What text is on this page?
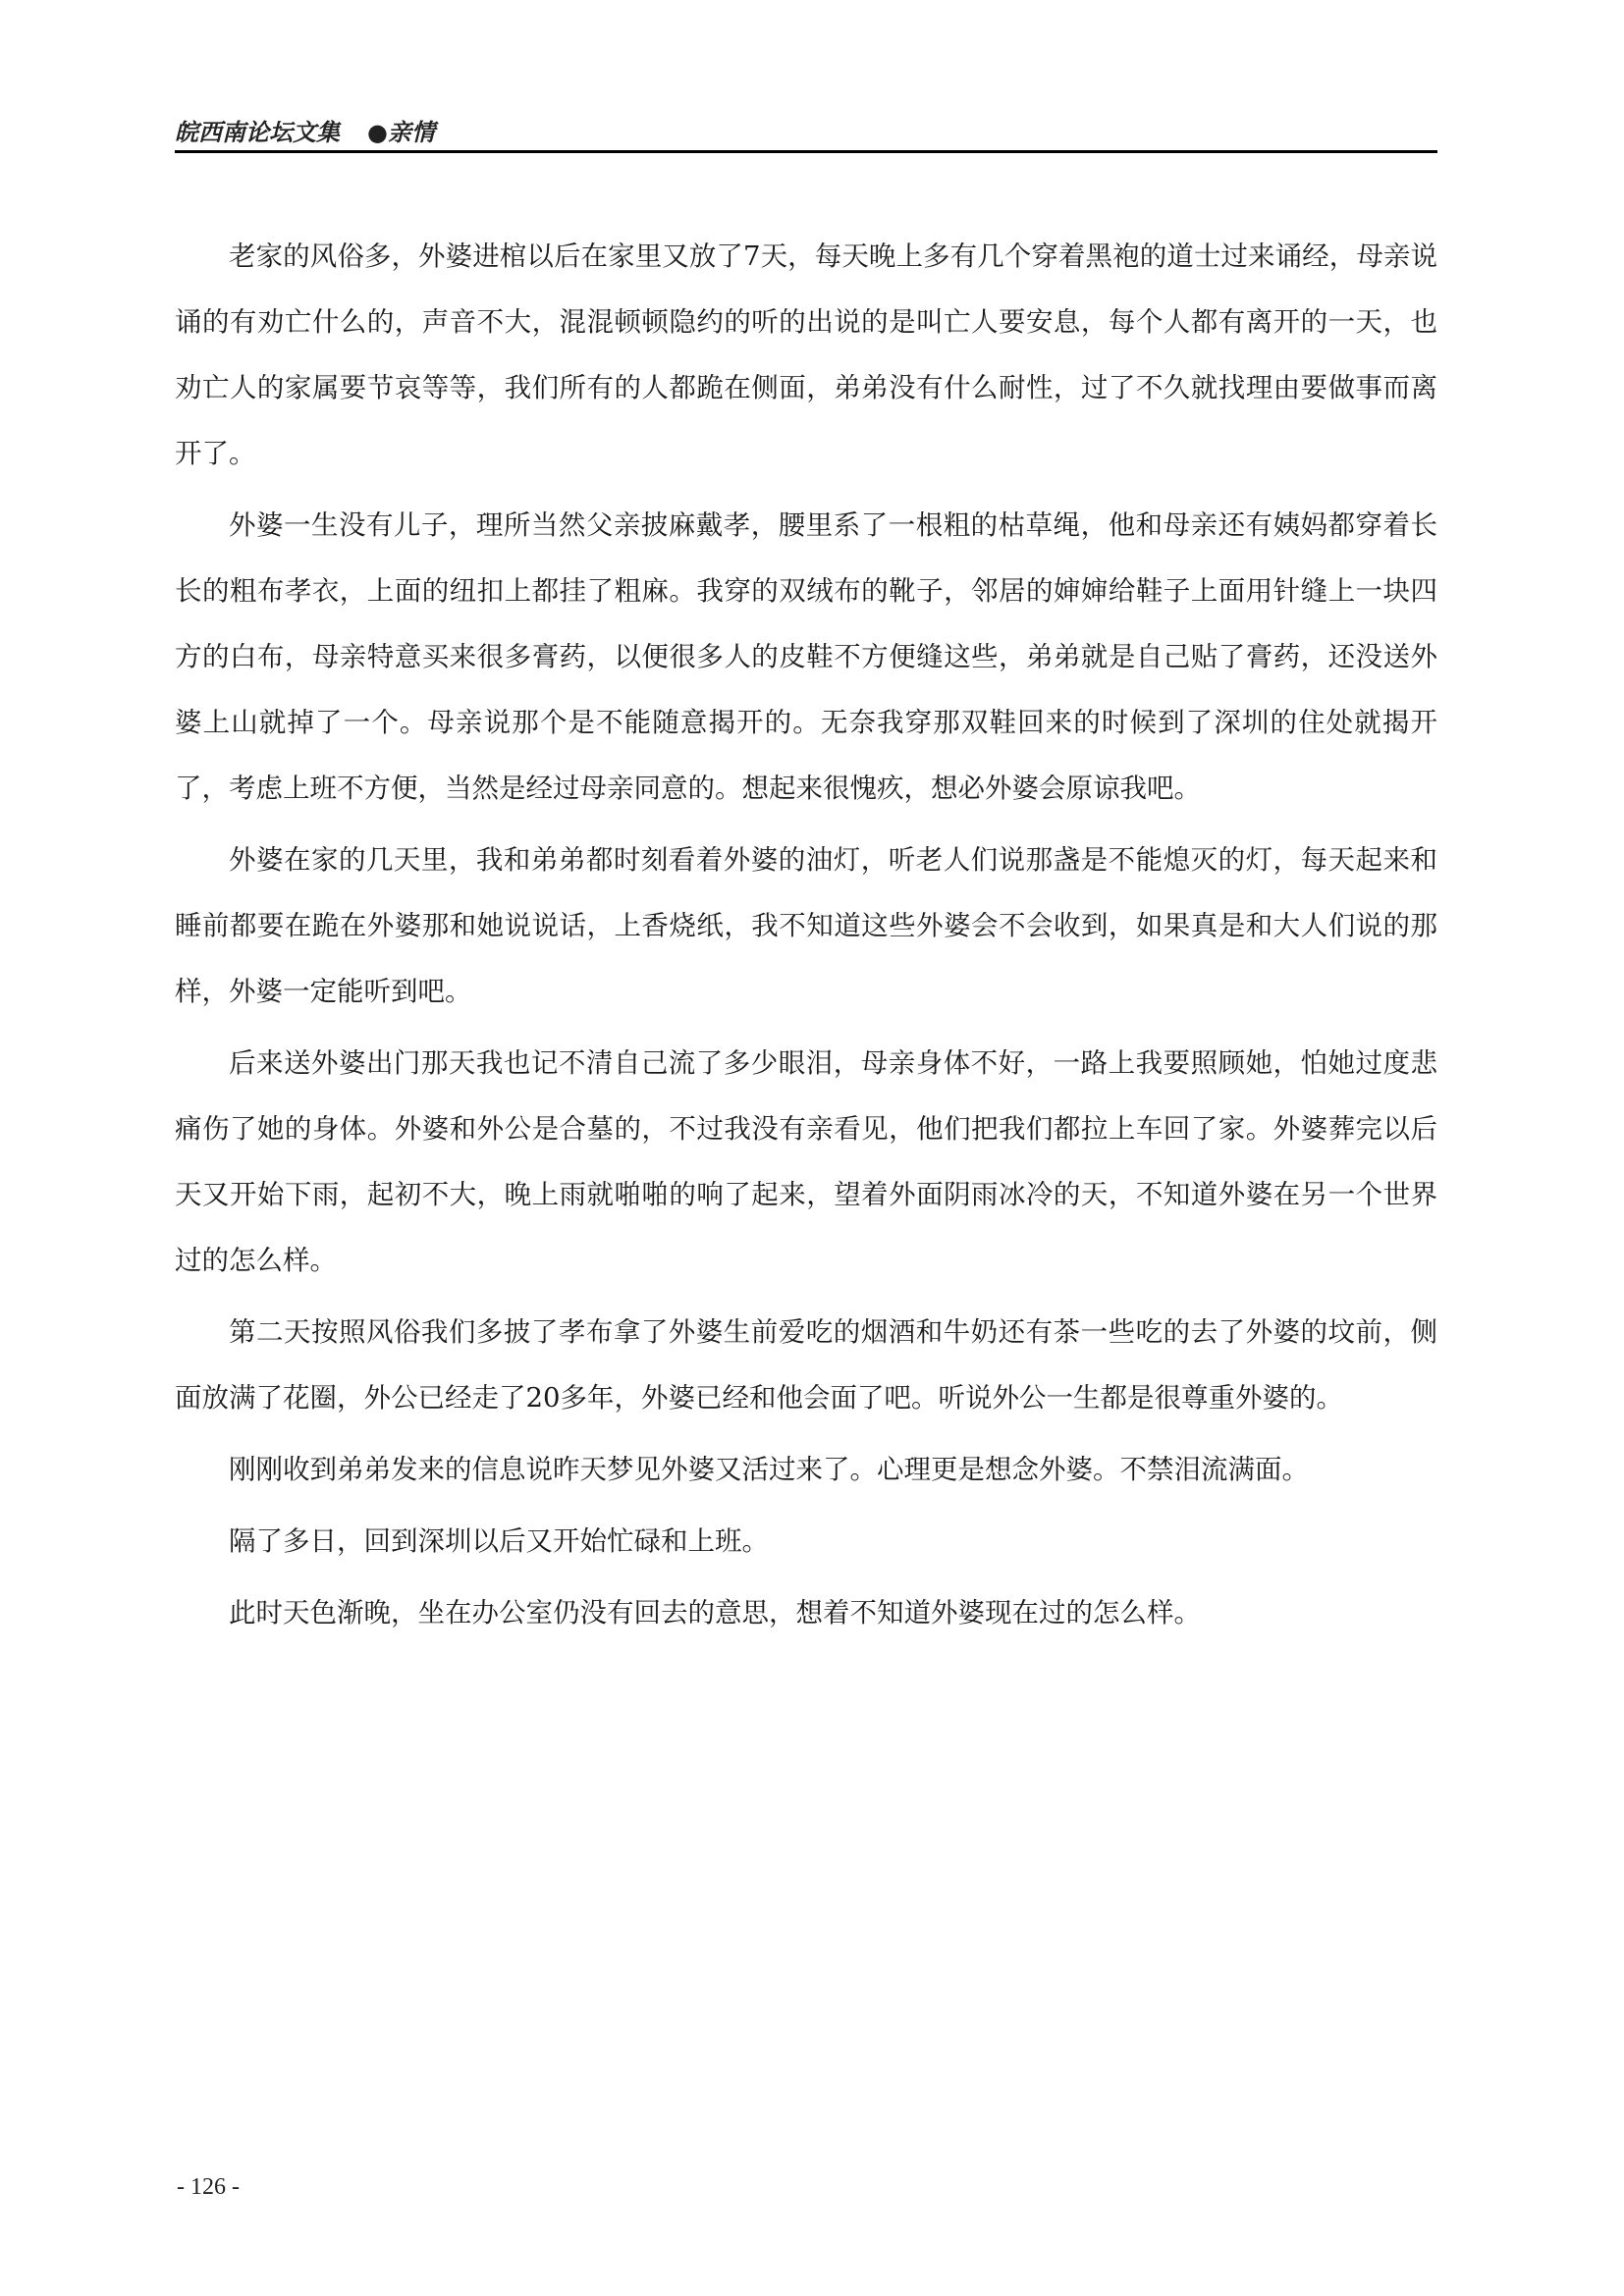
皖西南论坛文集 ●亲情

老家的风俗多，外婆进棺以后在家里又放了7天，每天晚上多有几个穿着黑袍的道士过来诵经，母亲说诵的有劝亡什么的，声音不大，混混顿顿隐约的听的出说的是叫亡人要安息，每个人都有离开的一天，也劝亡人的家属要节哀等等，我们所有的人都跪在侧面，弟弟没有什么耐性，过了不久就找理由要做事而离开了。

外婆一生没有儿子，理所当然父亲披麻戴孝，腰里系了一根粗的枯草绳，他和母亲还有姨妈都穿着长长的粗布孝衣，上面的纽扣上都挂了粗麻。我穿的双绒布的靴子，邻居的婶婶给鞋子上面用针缝上一块四方的白布，母亲特意买来很多膏药，以便很多人的皮鞋不方便缝这些，弟弟就是自己贴了膏药，还没送外婆上山就掉了一个。母亲说那个是不能随意揭开的。无奈我穿那双鞋回来的时候到了深圳的住处就揭开了，考虑上班不方便，当然是经过母亲同意的。想起来很愧疚，想必外婆会原谅我吧。

外婆在家的几天里，我和弟弟都时刻看着外婆的油灯，听老人们说那盏是不能熄灭的灯，每天起来和睡前都要在跪在外婆那和她说说话，上香烧纸，我不知道这些外婆会不会收到，如果真是和大人们说的那样，外婆一定能听到吧。

后来送外婆出门那天我也记不清自己流了多少眼泪，母亲身体不好，一路上我要照顾她，怕她过度悲痛伤了她的身体。外婆和外公是合墓的，不过我没有亲看见，他们把我们都拉上车回了家。外婆葬完以后天又开始下雨，起初不大，晚上雨就啪啪的响了起来，望着外面阴雨冰冷的天，不知道外婆在另一个世界过的怎么样。

第二天按照风俗我们多披了孝布拿了外婆生前爱吃的烟酒和牛奶还有茶一些吃的去了外婆的坟前，侧面放满了花圈，外公已经走了20多年，外婆已经和他会面了吧。听说外公一生都是很尊重外婆的。

刚刚收到弟弟发来的信息说昨天梦见外婆又活过来了。心理更是想念外婆。不禁泪流满面。

隔了多日，回到深圳以后又开始忙碌和上班。

此时天色渐晚，坐在办公室仍没有回去的意思，想着不知道外婆现在过的怎么样。

- 126 -
